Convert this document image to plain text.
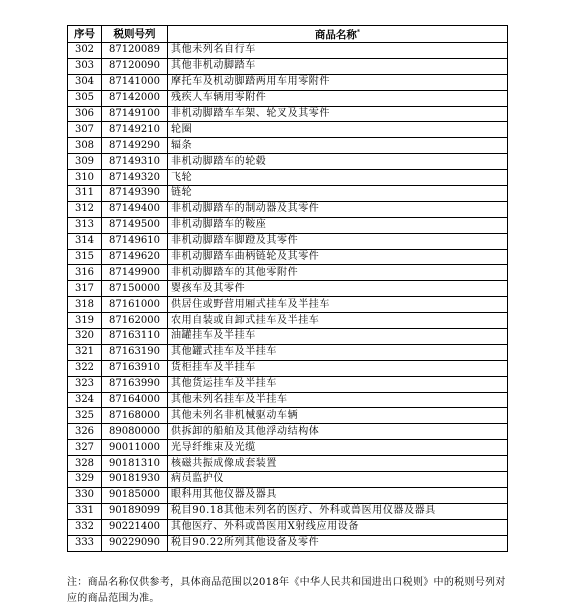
序号	税则号列	商品名称*
302	87120089	其他未列名自行车
303	87120090	其他非机动脚踏车
304	87141000	摩托车及机动脚踏两用车用零附件
305	87142000	残疾人车辆用零附件
306	87149100	非机动脚踏车车架、轮叉及其零件
307	87149210	轮圈
308	87149290	辐条
309	87149310	非机动脚踏车的轮毂
310	87149320	飞轮
311	87149390	链轮
312	87149400	非机动脚踏车的制动器及其零件
313	87149500	非机动脚踏车的鞍座
314	87149610	非机动脚踏车脚蹬及其零件
315	87149620	非机动脚踏车曲柄链轮及其零件
316	87149900	非机动脚踏车的其他零附件
317	87150000	婴孩车及其零件
318	87161000	供居住或野营用厢式挂车及半挂车
319	87162000	农用自装或自卸式挂车及半挂车
320	87163110	油罐挂车及半挂车
321	87163190	其他罐式挂车及半挂车
322	87163910	货柜挂车及半挂车
323	87163990	其他货运挂车及半挂车
324	87164000	其他未列名挂车及半挂车
325	87168000	其他未列名非机械驱动车辆
326	89080000	供拆卸的船舶及其他浮动结构体
327	90011000	光导纤维束及光缆
328	90181310	核磁共振成像成套装置
329	90181930	病员监护仪
330	90185000	眼科用其他仪器及器具
331	90189099	税目90.18其他未列名的医疗、外科或兽医用仪器及器具
332	90221400	其他医疗、外科或兽医用X射线应用设备
333	90229090	税目90.22所列其他设备及零件
注：商品名称仅供参考，具体商品范围以2018年《中华人民共和国进出口税则》中的税则号列对应的商品范围为准。
